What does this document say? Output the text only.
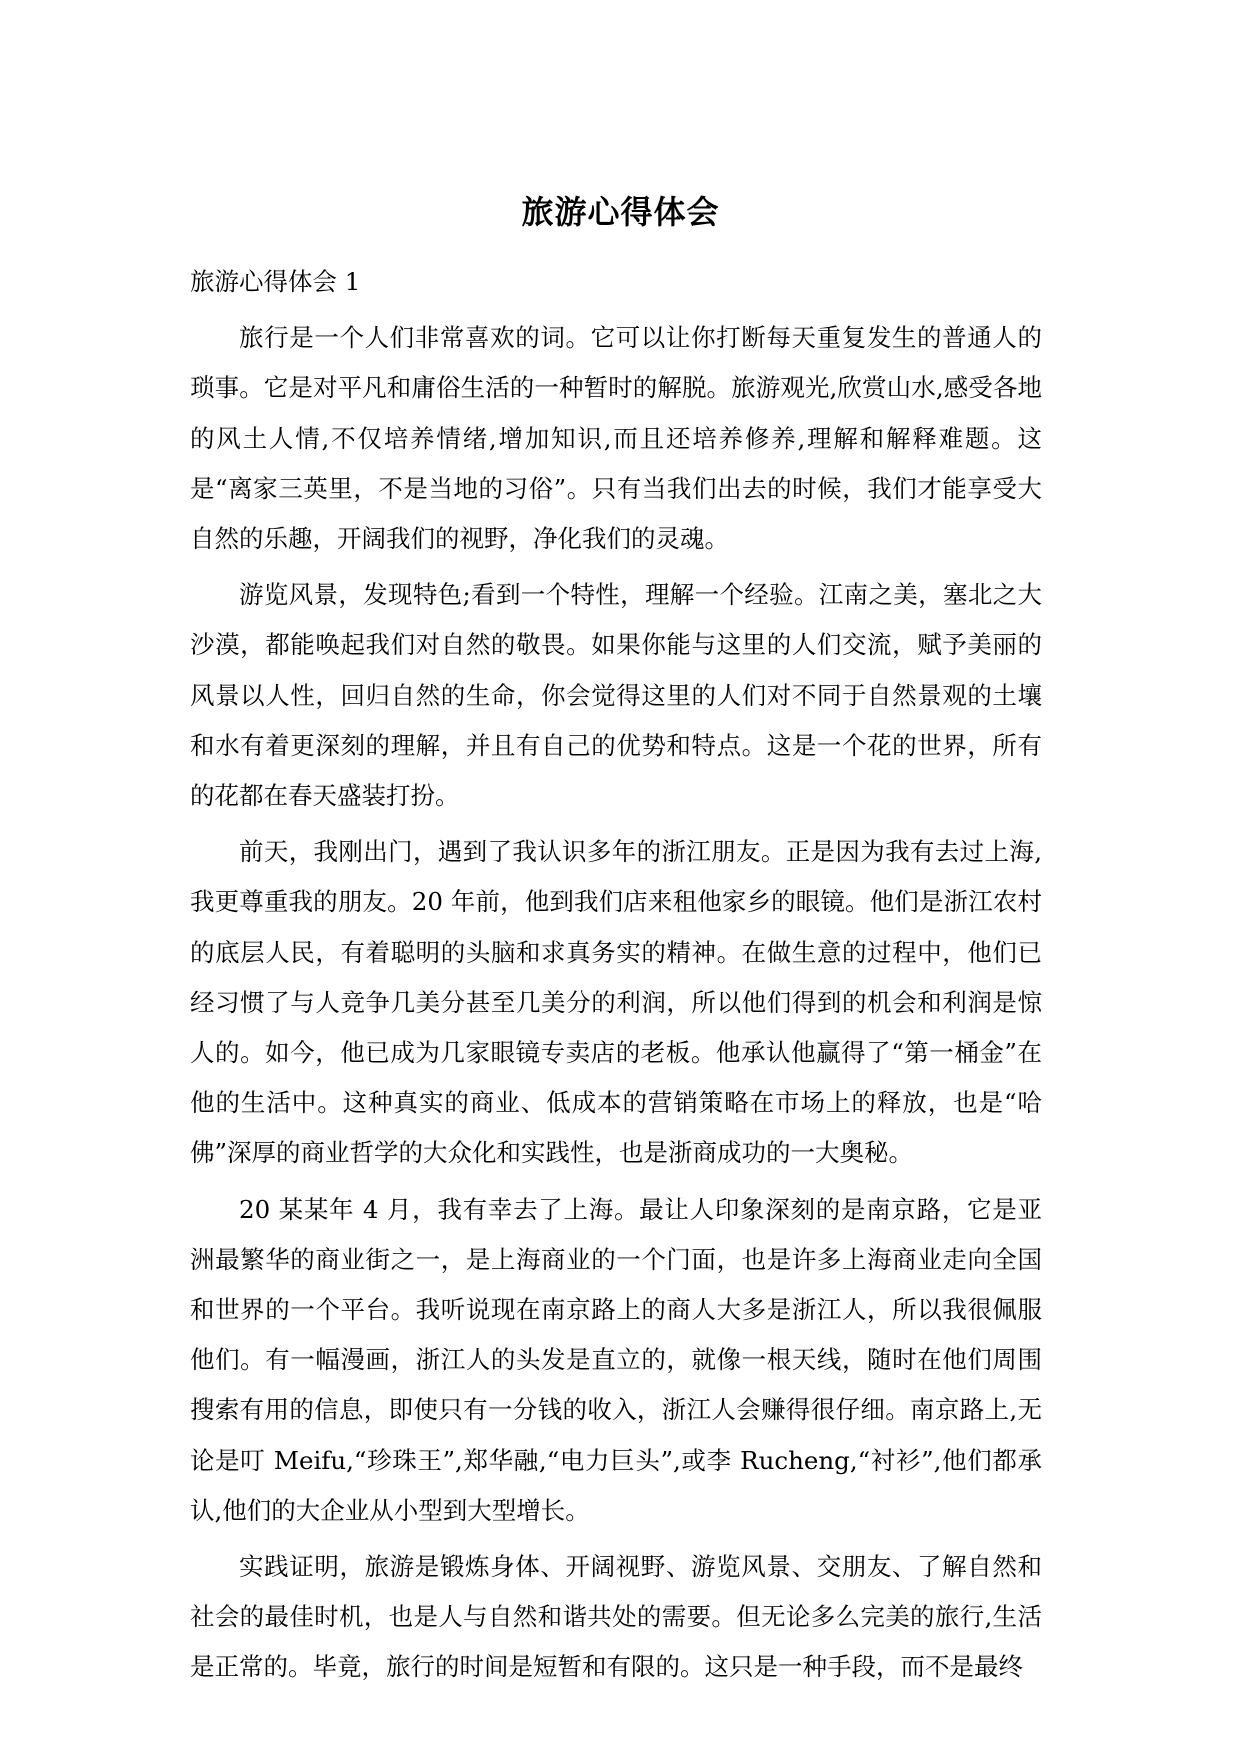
旅游心得体会

旅游心得体会 1

旅行是一个人们非常喜欢的词。它可以让你打断每天重复发生的普通人的琐事。它是对平凡和庸俗生活的一种暂时的解脱。旅游观光,欣赏山水,感受各地的风土人情,不仅培养情绪,增加知识,而且还培养修养,理解和解释难题。这是“离家三英里，不是当地的习俗”。只有当我们出去的时候，我们才能享受大自然的乐趣，开阔我们的视野，净化我们的灵魂。

游览风景，发现特色;看到一个特性，理解一个经验。江南之美，塞北之大沙漠，都能唤起我们对自然的敬畏。如果你能与这里的人们交流，赋予美丽的风景以人性，回归自然的生命，你会觉得这里的人们对不同于自然景观的土壤和水有着更深刻的理解，并且有自己的优势和特点。这是一个花的世界，所有的花都在春天盛装打扮。

前天，我刚出门，遇到了我认识多年的浙江朋友。正是因为我有去过上海,我更尊重我的朋友。20 年前，他到我们店来租他家乡的眼镜。他们是浙江农村的底层人民，有着聪明的头脑和求真务实的精神。在做生意的过程中，他们已经习惯了与人竞争几美分甚至几美分的利润，所以他们得到的机会和利润是惊人的。如今，他已成为几家眼镜专卖店的老板。他承认他赢得了“第一桶金”在他的生活中。这种真实的商业、低成本的营销策略在市场上的释放，也是“哈佛”深厚的商业哲学的大众化和实践性，也是浙商成功的一大奥秘。

20 某某年 4 月，我有幸去了上海。最让人印象深刻的是南京路，它是亚洲最繁华的商业街之一，是上海商业的一个门面，也是许多上海商业走向全国和世界的一个平台。我听说现在南京路上的商人大多是浙江人，所以我很佩服他们。有一幅漫画，浙江人的头发是直立的，就像一根天线，随时在他们周围搜索有用的信息，即使只有一分钱的收入，浙江人会赚得很仔细。南京路上,无论是叮 Meifu,“珍珠王”,郑华融,“电力巨头”,或李 Rucheng,“衬衫”,他们都承认,他们的大企业从小型到大型增长。

实践证明，旅游是锻炼身体、开阔视野、游览风景、交朋友、了解自然和社会的最佳时机，也是人与自然和谐共处的需要。但无论多么完美的旅行,生活是正常的。毕竟，旅行的时间是短暂和有限的。这只是一种手段，而不是最终
